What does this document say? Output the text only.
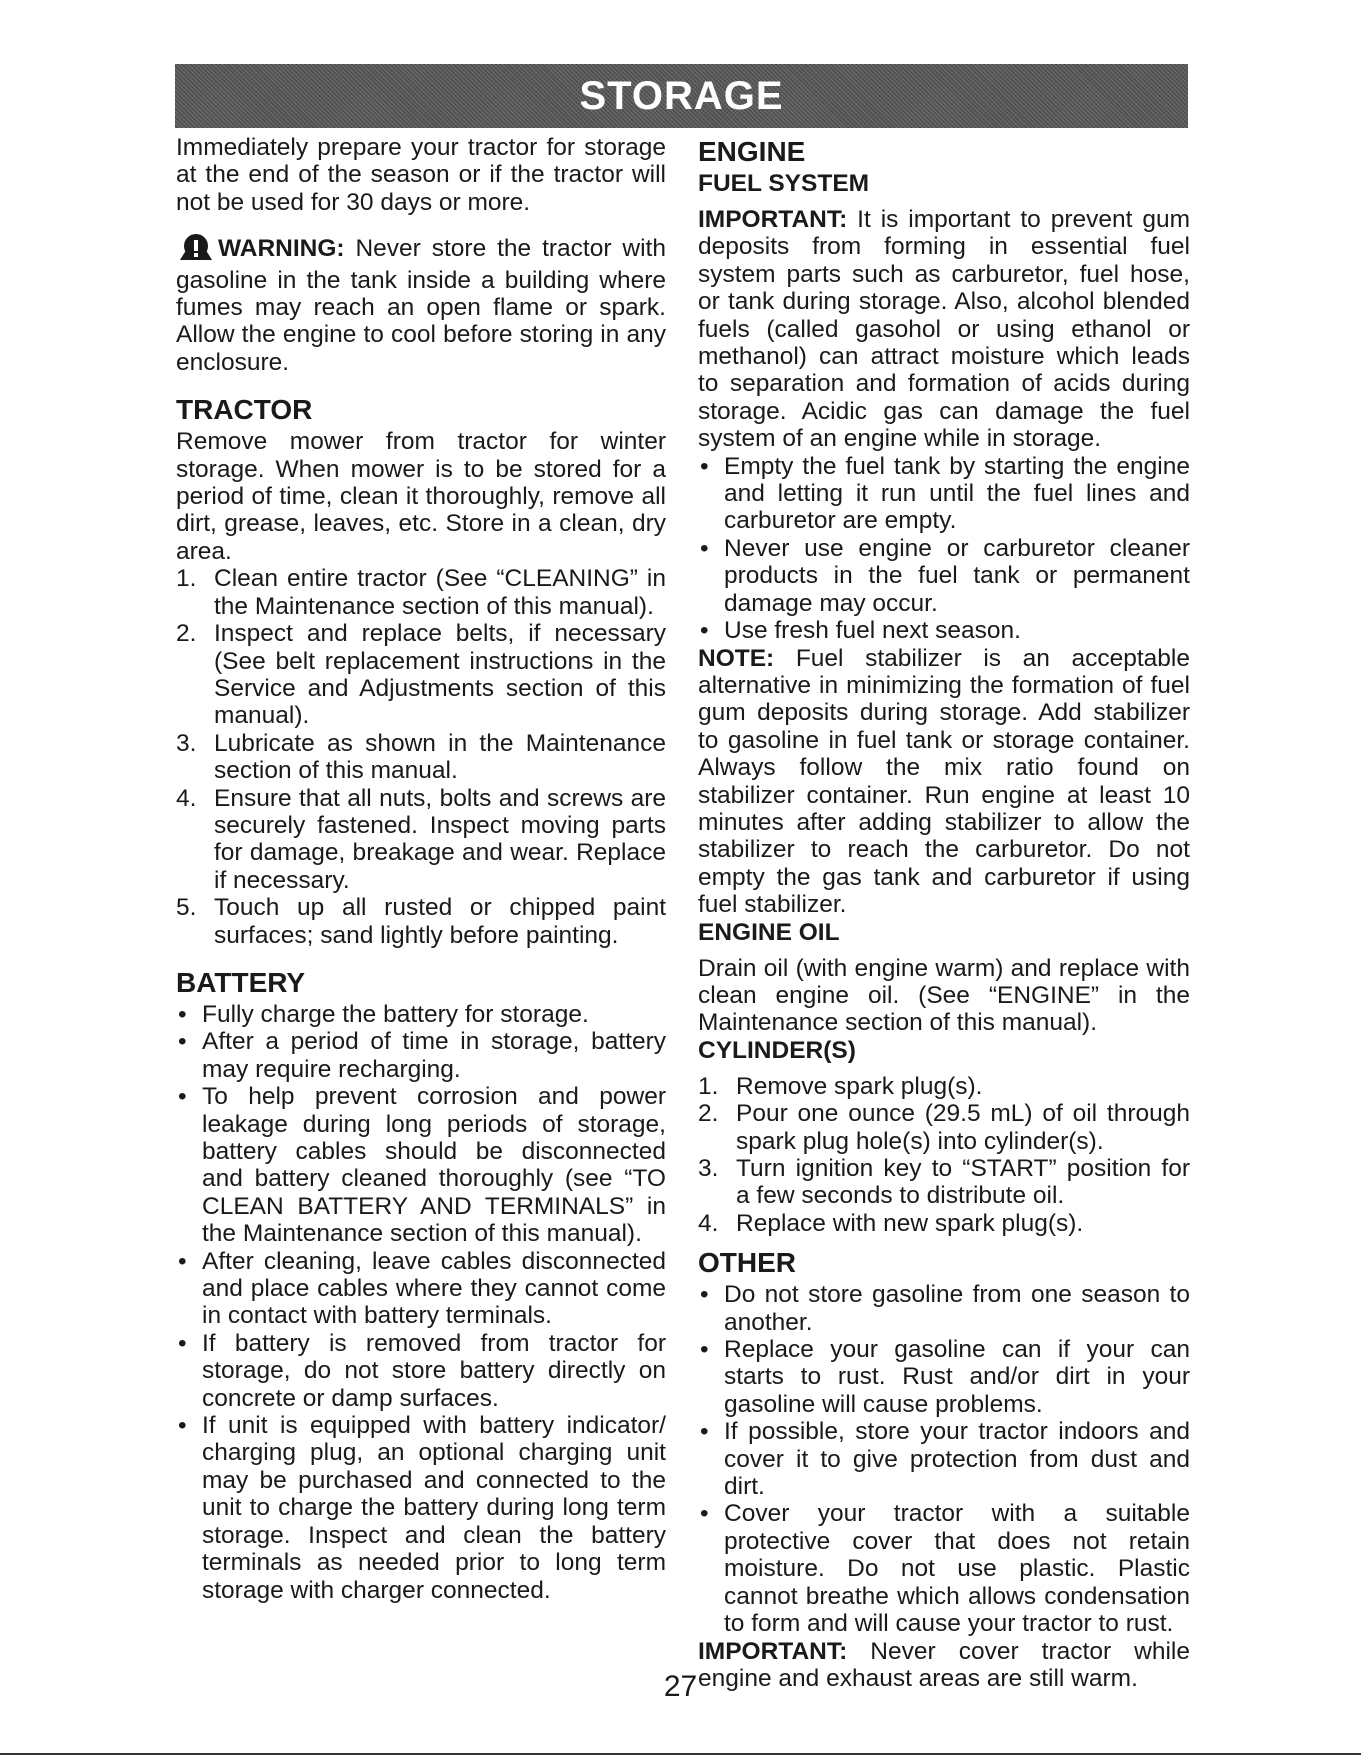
STORAGE

Immediately prepare your tractor for storage at the end of the season or if the tractor will not be used for 30 days or more.

WARNING: Never store the tractor with gasoline in the tank inside a building where fumes may reach an open flame or spark. Allow the engine to cool before storing in any enclosure.

TRACTOR

Remove mower from tractor for winter storage. When mower is to be stored for a period of time, clean it thoroughly, remove all dirt, grease, leaves, etc. Store in a clean, dry area.

1. Clean entire tractor (See “CLEANING” in the Maintenance section of this manual).
2. Inspect and replace belts, if necessary (See belt replacement instructions in the Service and Adjustments section of this manual).
3. Lubricate as shown in the Maintenance section of this manual.
4. Ensure that all nuts, bolts and screws are securely fastened. Inspect moving parts for damage, breakage and wear. Replace if necessary.
5. Touch up all rusted or chipped paint surfaces; sand lightly before painting.
BATTERY
• Fully charge the battery for storage.
• After a period of time in storage, battery may require recharging.
• To help prevent corrosion and power leakage during long periods of storage, battery cables should be disconnected and battery cleaned thoroughly (see “TO CLEAN BATTERY AND TERMINALS” in the Maintenance section of this manual).
• After cleaning, leave cables disconnected and place cables where they cannot come in contact with battery terminals.
• If battery is removed from tractor for storage, do not store battery directly on concrete or damp surfaces.
• If unit is equipped with battery indicator/ charging plug, an optional charging unit may be purchased and connected to the unit to charge the battery during long term storage. Inspect and clean the battery terminals as needed prior to long term storage with charger connected.
ENGINE
FUEL SYSTEM

IMPORTANT: It is important to prevent gum deposits from forming in essential fuel system parts such as carburetor, fuel hose, or tank during storage. Also, alcohol blended fuels (called gasohol or using ethanol or methanol) can attract moisture which leads to separation and formation of acids during storage. Acidic gas can damage the fuel system of an engine while in storage.

• Empty the fuel tank by starting the engine and letting it run until the fuel lines and carburetor are empty.
• Never use engine or carburetor cleaner products in the fuel tank or permanent damage may occur.
• Use fresh fuel next season.

NOTE: Fuel stabilizer is an acceptable alternative in minimizing the formation of fuel gum deposits during storage. Add stabilizer to gasoline in fuel tank or storage container. Always follow the mix ratio found on stabilizer container. Run engine at least 10 minutes after adding stabilizer to allow the stabilizer to reach the carburetor. Do not empty the gas tank and carburetor if using fuel stabilizer.

ENGINE OIL

Drain oil (with engine warm) and replace with clean engine oil. (See “ENGINE” in the Maintenance section of this manual).

CYLINDER(S)
1. Remove spark plug(s).
2. Pour one ounce (29.5 mL) of oil through spark plug hole(s) into cylinder(s).
3. Turn ignition key to “START” position for a few seconds to distribute oil.
4. Replace with new spark plug(s).
OTHER
• Do not store gasoline from one season to another.
• Replace your gasoline can if your can starts to rust. Rust and/or dirt in your gasoline will cause problems.
• If possible, store your tractor indoors and cover it to give protection from dust and dirt.
• Cover your tractor with a suitable protective cover that does not retain moisture. Do not use plastic. Plastic cannot breathe which allows condensation to form and will cause your tractor to rust.

IMPORTANT: Never cover tractor while engine and exhaust areas are still warm.

27
